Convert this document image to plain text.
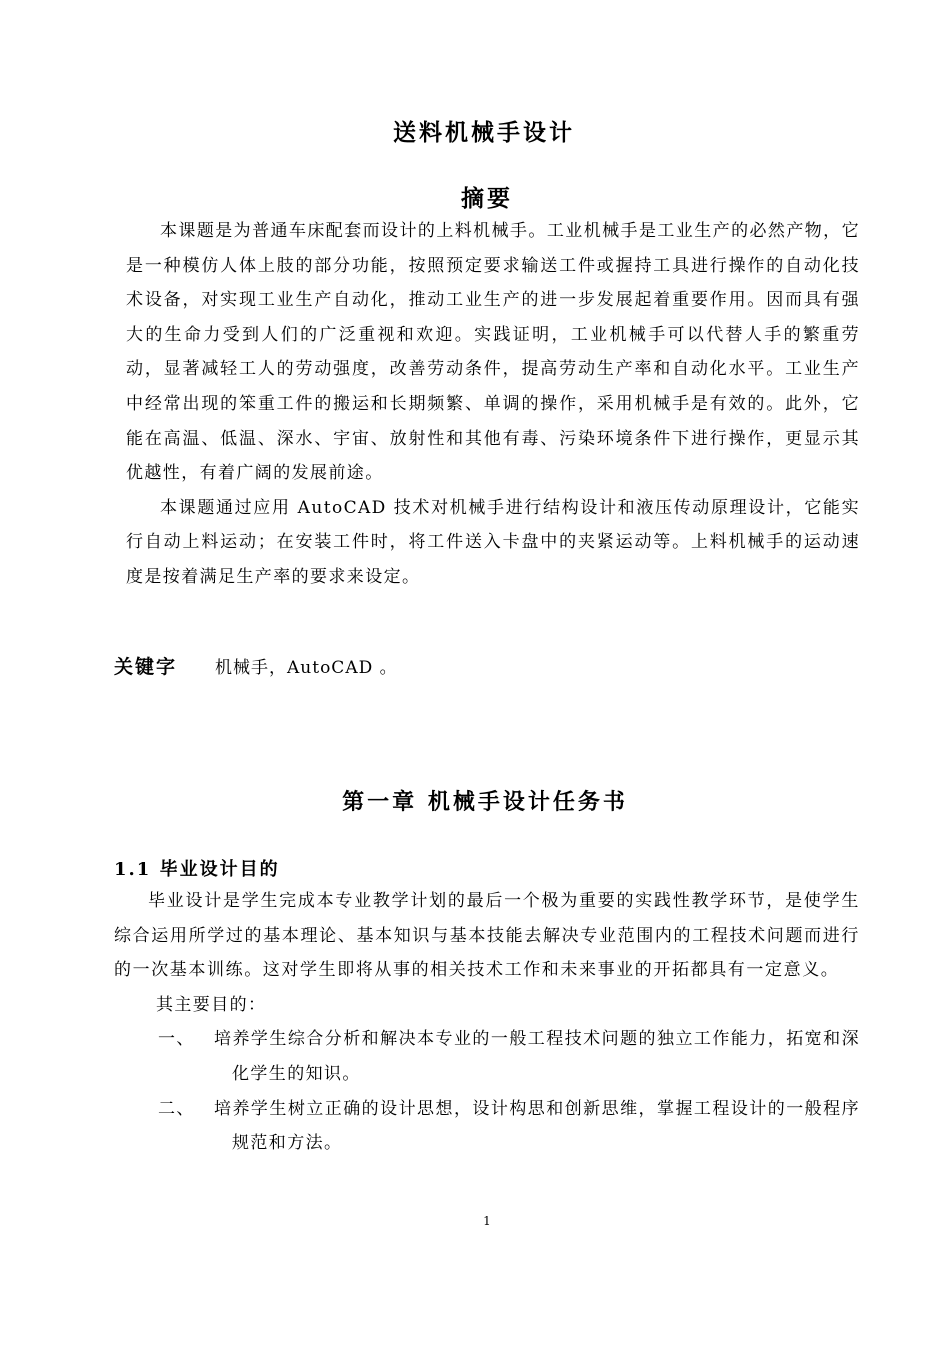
送料机械手设计
摘要

本课题是为普通车床配套而设计的上料机械手。工业机械手是工业生产的必然产物，它是一种模仿人体上肢的部分功能，按照预定要求输送工件或握持工具进行操作的自动化技术设备，对实现工业生产自动化，推动工业生产的进一步发展起着重要作用。因而具有强大的生命力受到人们的广泛重视和欢迎。实践证明，工业机械手可以代替人手的繁重劳动，显著减轻工人的劳动强度，改善劳动条件，提高劳动生产率和自动化水平。工业生产中经常出现的笨重工件的搬运和长期频繁、单调的操作，采用机械手是有效的。此外，它能在高温、低温、深水、宇宙、放射性和其他有毒、污染环境条件下进行操作，更显示其优越性，有着广阔的发展前途。

本课题通过应用 AutoCAD 技术对机械手进行结构设计和液压传动原理设计，它能实行自动上料运动；在安装工件时，将工件送入卡盘中的夹紧运动等。上料机械手的运动速度是按着满足生产率的要求来设定。

关键字 机械手，AutoCAD 。
第一章 机械手设计任务书
1.1 毕业设计目的

毕业设计是学生完成本专业教学计划的最后一个极为重要的实践性教学环节，是使学生综合运用所学过的基本理论、基本知识与基本技能去解决专业范围内的工程技术问题而进行的一次基本训练。这对学生即将从事的相关技术工作和未来事业的开拓都具有一定意义。

其主要目的：

一、	培养学生综合分析和解决本专业的一般工程技术问题的独立工作能力，拓宽和深化学生的知识。
二、	培养学生树立正确的设计思想，设计构思和创新思维，掌握工程设计的一般程序规范和方法。
1
